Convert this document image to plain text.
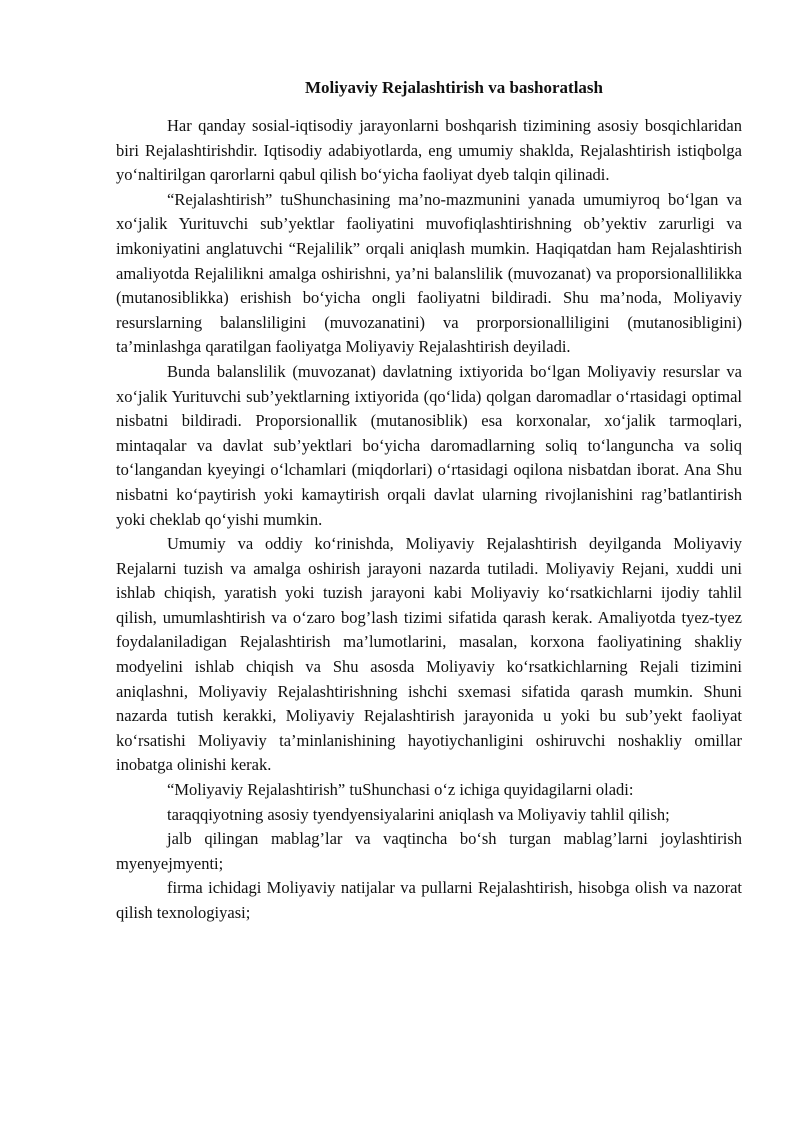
Moliyaviy Rejalashtirish va bashoratlash

Har qanday sosial-iqtisodiy jarayonlarni boshqarish tizimining asosiy bosqichlaridan biri Rejalashtirishdir. Iqtisodiy adabiyotlarda, eng umumiy shaklda, Rejalashtirish istiqbolga yo‘naltirilgan qarorlarni qabul qilish bo‘yicha faoliyat dyeb talqin qilinadi.

“Rejalashtirish” tuShunchasining ma’no-mazmunini yanada umumiyroq bo‘lgan va xo‘jalik Yurituvchi sub’yektlar faoliyatini muvofiqlashtirishning ob’yektiv zarurligi va imkoniyatini anglatuvchi “Rejalilik” orqali aniqlash mumkin. Haqiqatdan ham Rejalashtirish amaliyotda Rejalilikni amalga oshirishni, ya’ni balanslilik (muvozanat) va proporsionallilikka (mutanosiblikka) erishish bo‘yicha ongli faoliyatni bildiradi. Shu ma’noda, Moliyaviy resurslarning balansliligini (muvozanatini) va prorporsionalliligini (mutanosibligini) ta’minlashga qaratilgan faoliyatga Moliyaviy Rejalashtirish deyiladi.

Bunda balanslilik (muvozanat) davlatning ixtiyorida bo‘lgan Moliyaviy resurslar va xo‘jalik Yurituvchi sub’yektlarning ixtiyorida (qo‘lida) qolgan daromadlar o‘rtasidagi optimal nisbatni bildiradi. Proporsionallik (mutanosiblik) esa korxonalar, xo‘jalik tarmoqlari, mintaqalar va davlat sub’yektlari bo‘yicha daromadlarning soliq to‘languncha va soliq to‘langandan kyeyingi o‘lchamlari (miqdorlari) o‘rtasidagi oqilona nisbatdan iborat. Ana Shu nisbatni ko‘paytirish yoki kamaytirish orqali davlat ularning rivojlanishini rag’batlantirish yoki cheklab qo‘yishi mumkin.

Umumiy va oddiy ko‘rinishda, Moliyaviy Rejalashtirish deyilganda Moliyaviy Rejalarni tuzish va amalga oshirish jarayoni nazarda tutiladi. Moliyaviy Rejani, xuddi uni ishlab chiqish, yaratish yoki tuzish jarayoni kabi Moliyaviy ko‘rsatkichlarni ijodiy tahlil qilish, umumlashtirish va o‘zaro bog’lash tizimi sifatida qarash kerak. Amaliyotda tyez-tyez foydalaniladigan Rejalashtirish ma’lumotlarini, masalan, korxona faoliyatining shakliy modyelini ishlab chiqish va Shu asosda Moliyaviy ko‘rsatkichlarning Rejali tizimini aniqlashni, Moliyaviy Rejalashtirishning ishchi sxemasi sifatida qarash mumkin. Shuni nazarda tutish kerakki, Moliyaviy Rejalashtirish jarayonida u yoki bu sub’yekt faoliyat ko‘rsatishi Moliyaviy ta’minlanishining hayotiychanligini oshiruvchi noshakliy omillar inobatga olinishi kerak.

“Moliyaviy Rejalashtirish” tuShunchasi o‘z ichiga quyidagilarni oladi:

taraqqiyotning asosiy tyendyensiyalarini aniqlash va Moliyaviy tahlil qilish;

jalb qilingan mablag’lar va vaqtincha bo‘sh turgan mablag’larni joylashtirish myenyejmyenti;

firma ichidagi Moliyaviy natijalar va pullarni Rejalashtirish, hisobga olish va nazorat qilish texnologiyasi;
